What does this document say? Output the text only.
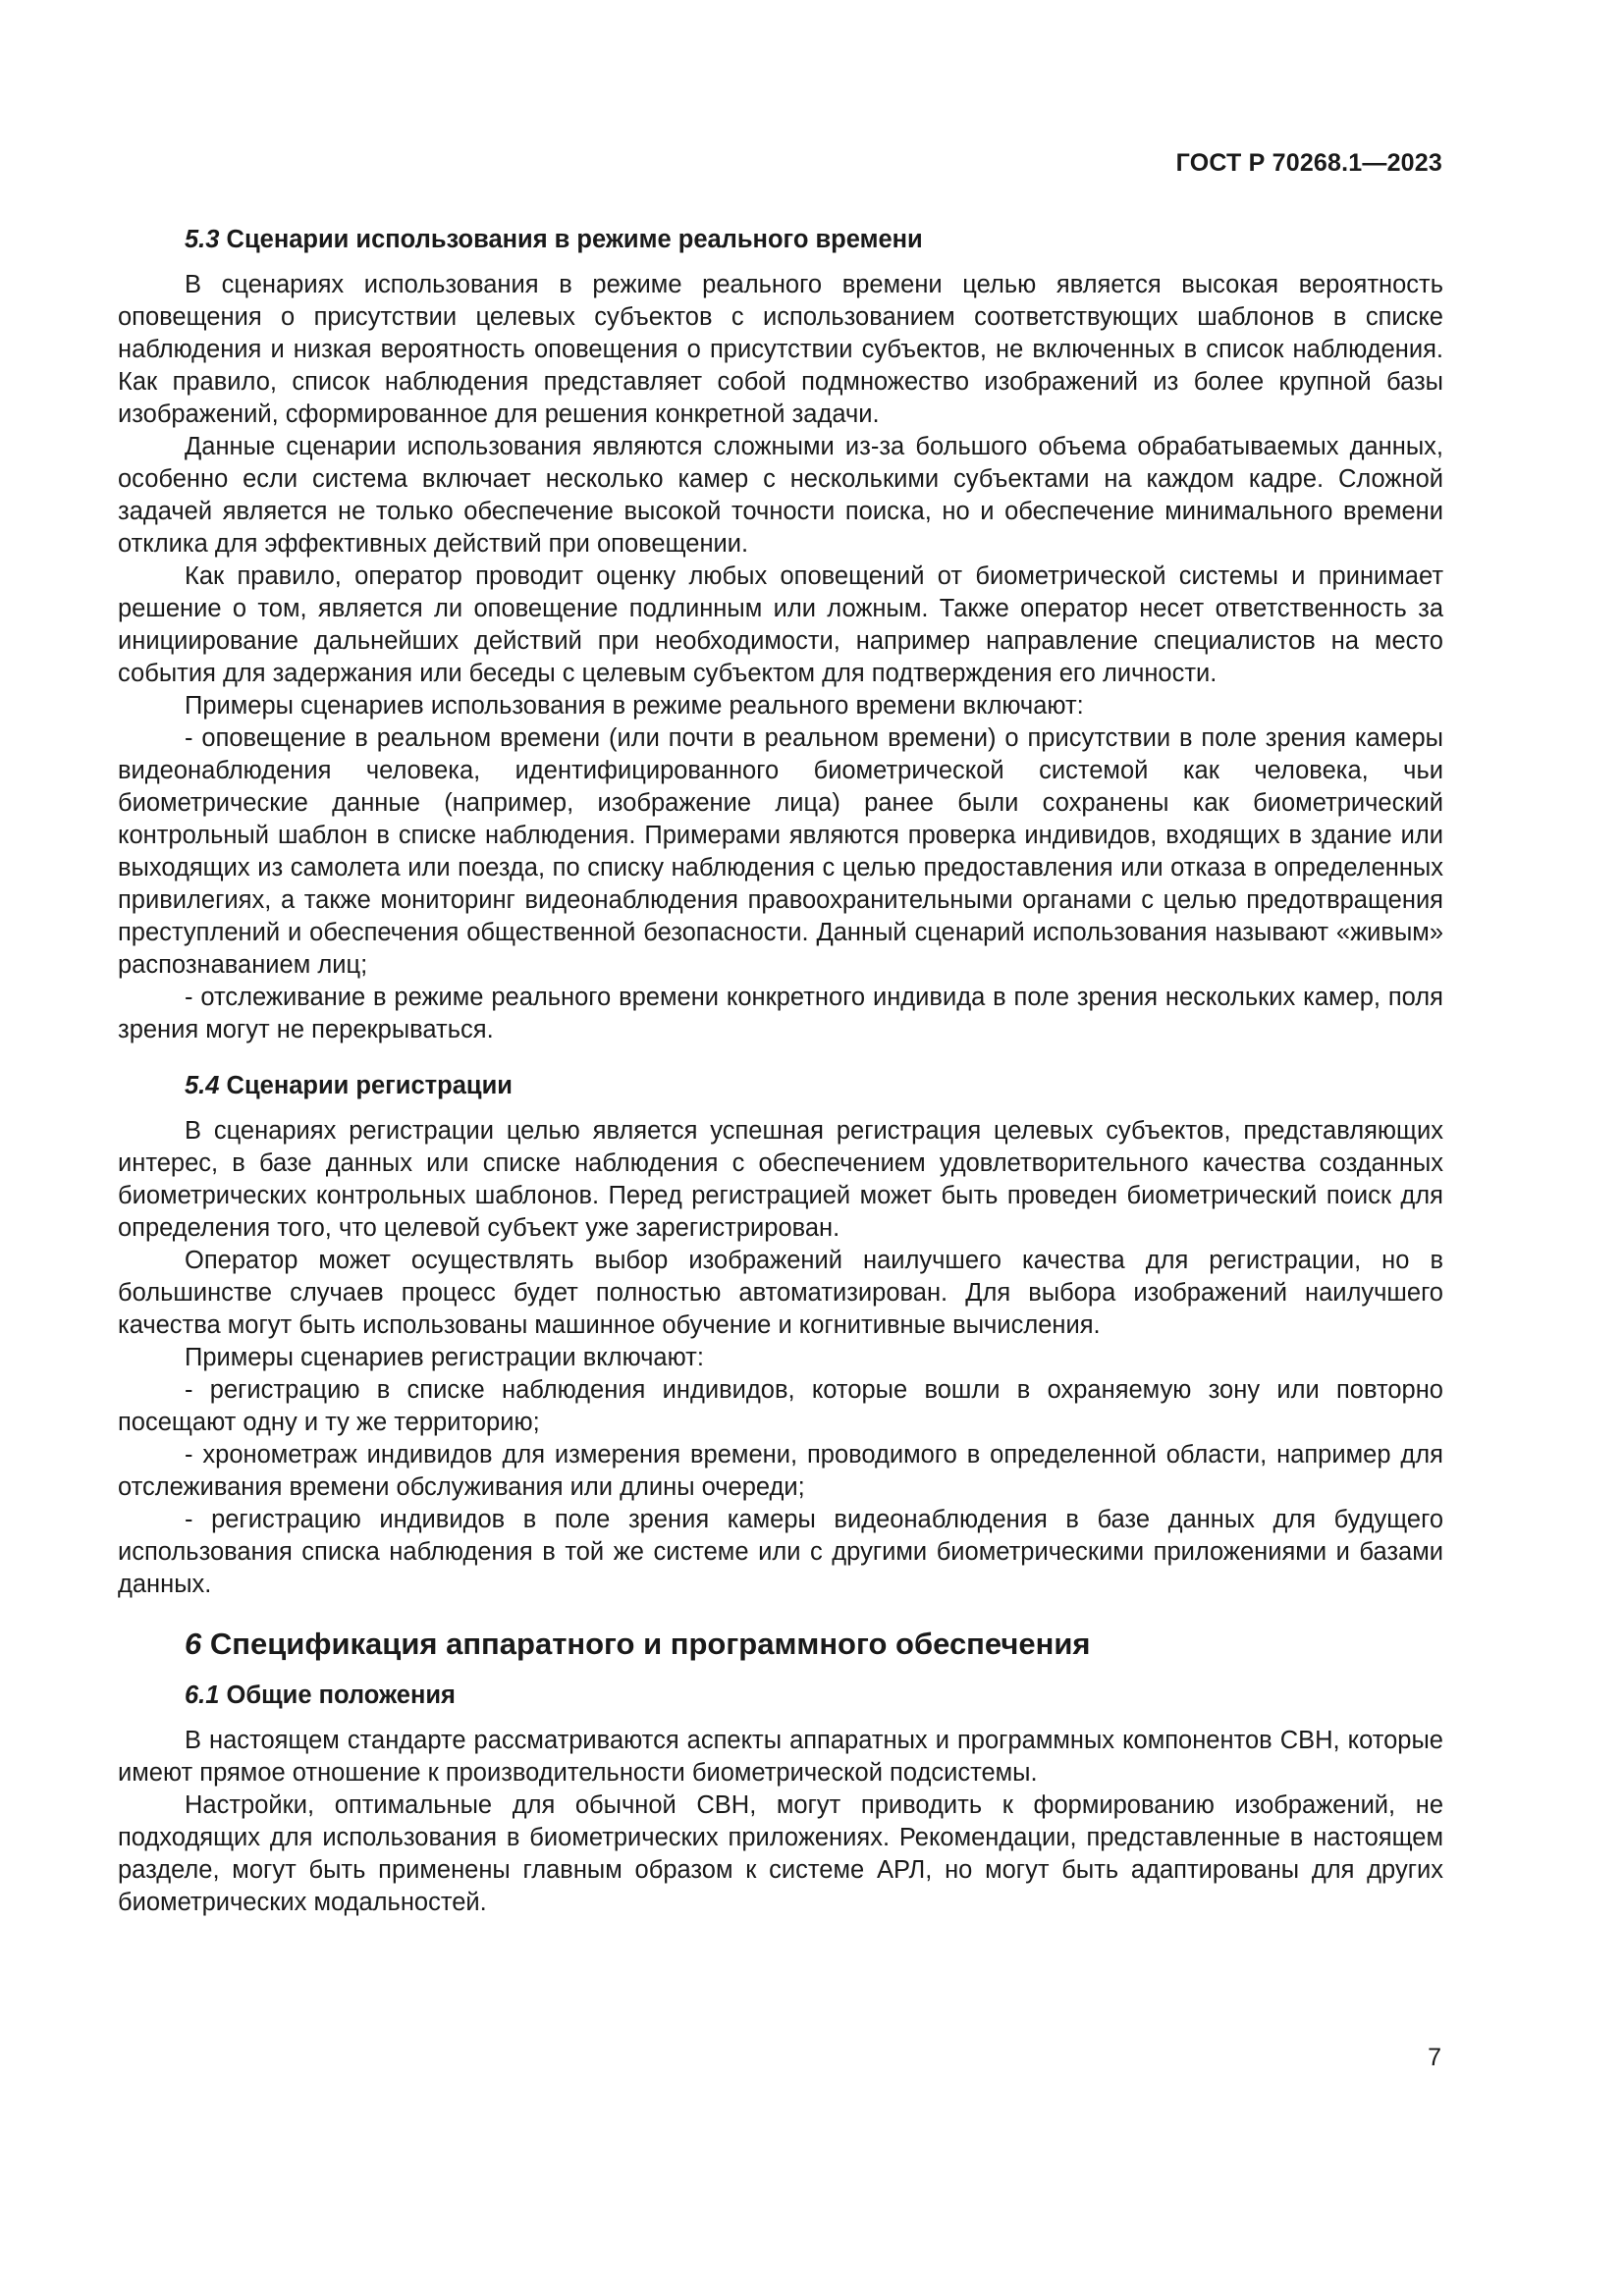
ГОСТ Р 70268.1—2023
5.3 Сценарии использования в режиме реального времени

В сценариях использования в режиме реального времени целью является высокая вероятность оповещения о присутствии целевых субъектов с использованием соответствующих шаблонов в списке наблюдения и низкая вероятность оповещения о присутствии субъектов, не включенных в список наблюдения. Как правило, список наблюдения представляет собой подмножество изображений из более крупной базы изображений, сформированное для решения конкретной задачи.

Данные сценарии использования являются сложными из-за большого объема обрабатываемых данных, особенно если система включает несколько камер с несколькими субъектами на каждом кадре. Сложной задачей является не только обеспечение высокой точности поиска, но и обеспечение минимального времени отклика для эффективных действий при оповещении.

Как правило, оператор проводит оценку любых оповещений от биометрической системы и принимает решение о том, является ли оповещение подлинным или ложным. Также оператор несет ответственность за инициирование дальнейших действий при необходимости, например направление специалистов на место события для задержания или беседы с целевым субъектом для подтверждения его личности.

Примеры сценариев использования в режиме реального времени включают:

- оповещение в реальном времени (или почти в реальном времени) о присутствии в поле зрения камеры видеонаблюдения человека, идентифицированного биометрической системой как человека, чьи биометрические данные (например, изображение лица) ранее были сохранены как биометрический контрольный шаблон в списке наблюдения. Примерами являются проверка индивидов, входящих в здание или выходящих из самолета или поезда, по списку наблюдения с целью предоставления или отказа в определенных привилегиях, а также мониторинг видеонаблюдения правоохранительными органами с целью предотвращения преступлений и обеспечения общественной безопасности. Данный сценарий использования называют «живым» распознаванием лиц;

- отслеживание в режиме реального времени конкретного индивида в поле зрения нескольких камер, поля зрения могут не перекрываться.

5.4 Сценарии регистрации

В сценариях регистрации целью является успешная регистрация целевых субъектов, представляющих интерес, в базе данных или списке наблюдения с обеспечением удовлетворительного качества созданных биометрических контрольных шаблонов. Перед регистрацией может быть проведен биометрический поиск для определения того, что целевой субъект уже зарегистрирован.

Оператор может осуществлять выбор изображений наилучшего качества для регистрации, но в большинстве случаев процесс будет полностью автоматизирован. Для выбора изображений наилучшего качества могут быть использованы машинное обучение и когнитивные вычисления.

Примеры сценариев регистрации включают:

- регистрацию в списке наблюдения индивидов, которые вошли в охраняемую зону или повторно посещают одну и ту же территорию;

- хронометраж индивидов для измерения времени, проводимого в определенной области, например для отслеживания времени обслуживания или длины очереди;

- регистрацию индивидов в поле зрения камеры видеонаблюдения в базе данных для будущего использования списка наблюдения в той же системе или с другими биометрическими приложениями и базами данных.

6 Спецификация аппаратного и программного обеспечения
6.1 Общие положения

В настоящем стандарте рассматриваются аспекты аппаратных и программных компонентов СВН, которые имеют прямое отношение к производительности биометрической подсистемы.

Настройки, оптимальные для обычной СВН, могут приводить к формированию изображений, не подходящих для использования в биометрических приложениях. Рекомендации, представленные в настоящем разделе, могут быть применены главным образом к системе АРЛ, но могут быть адаптированы для других биометрических модальностей.

7
